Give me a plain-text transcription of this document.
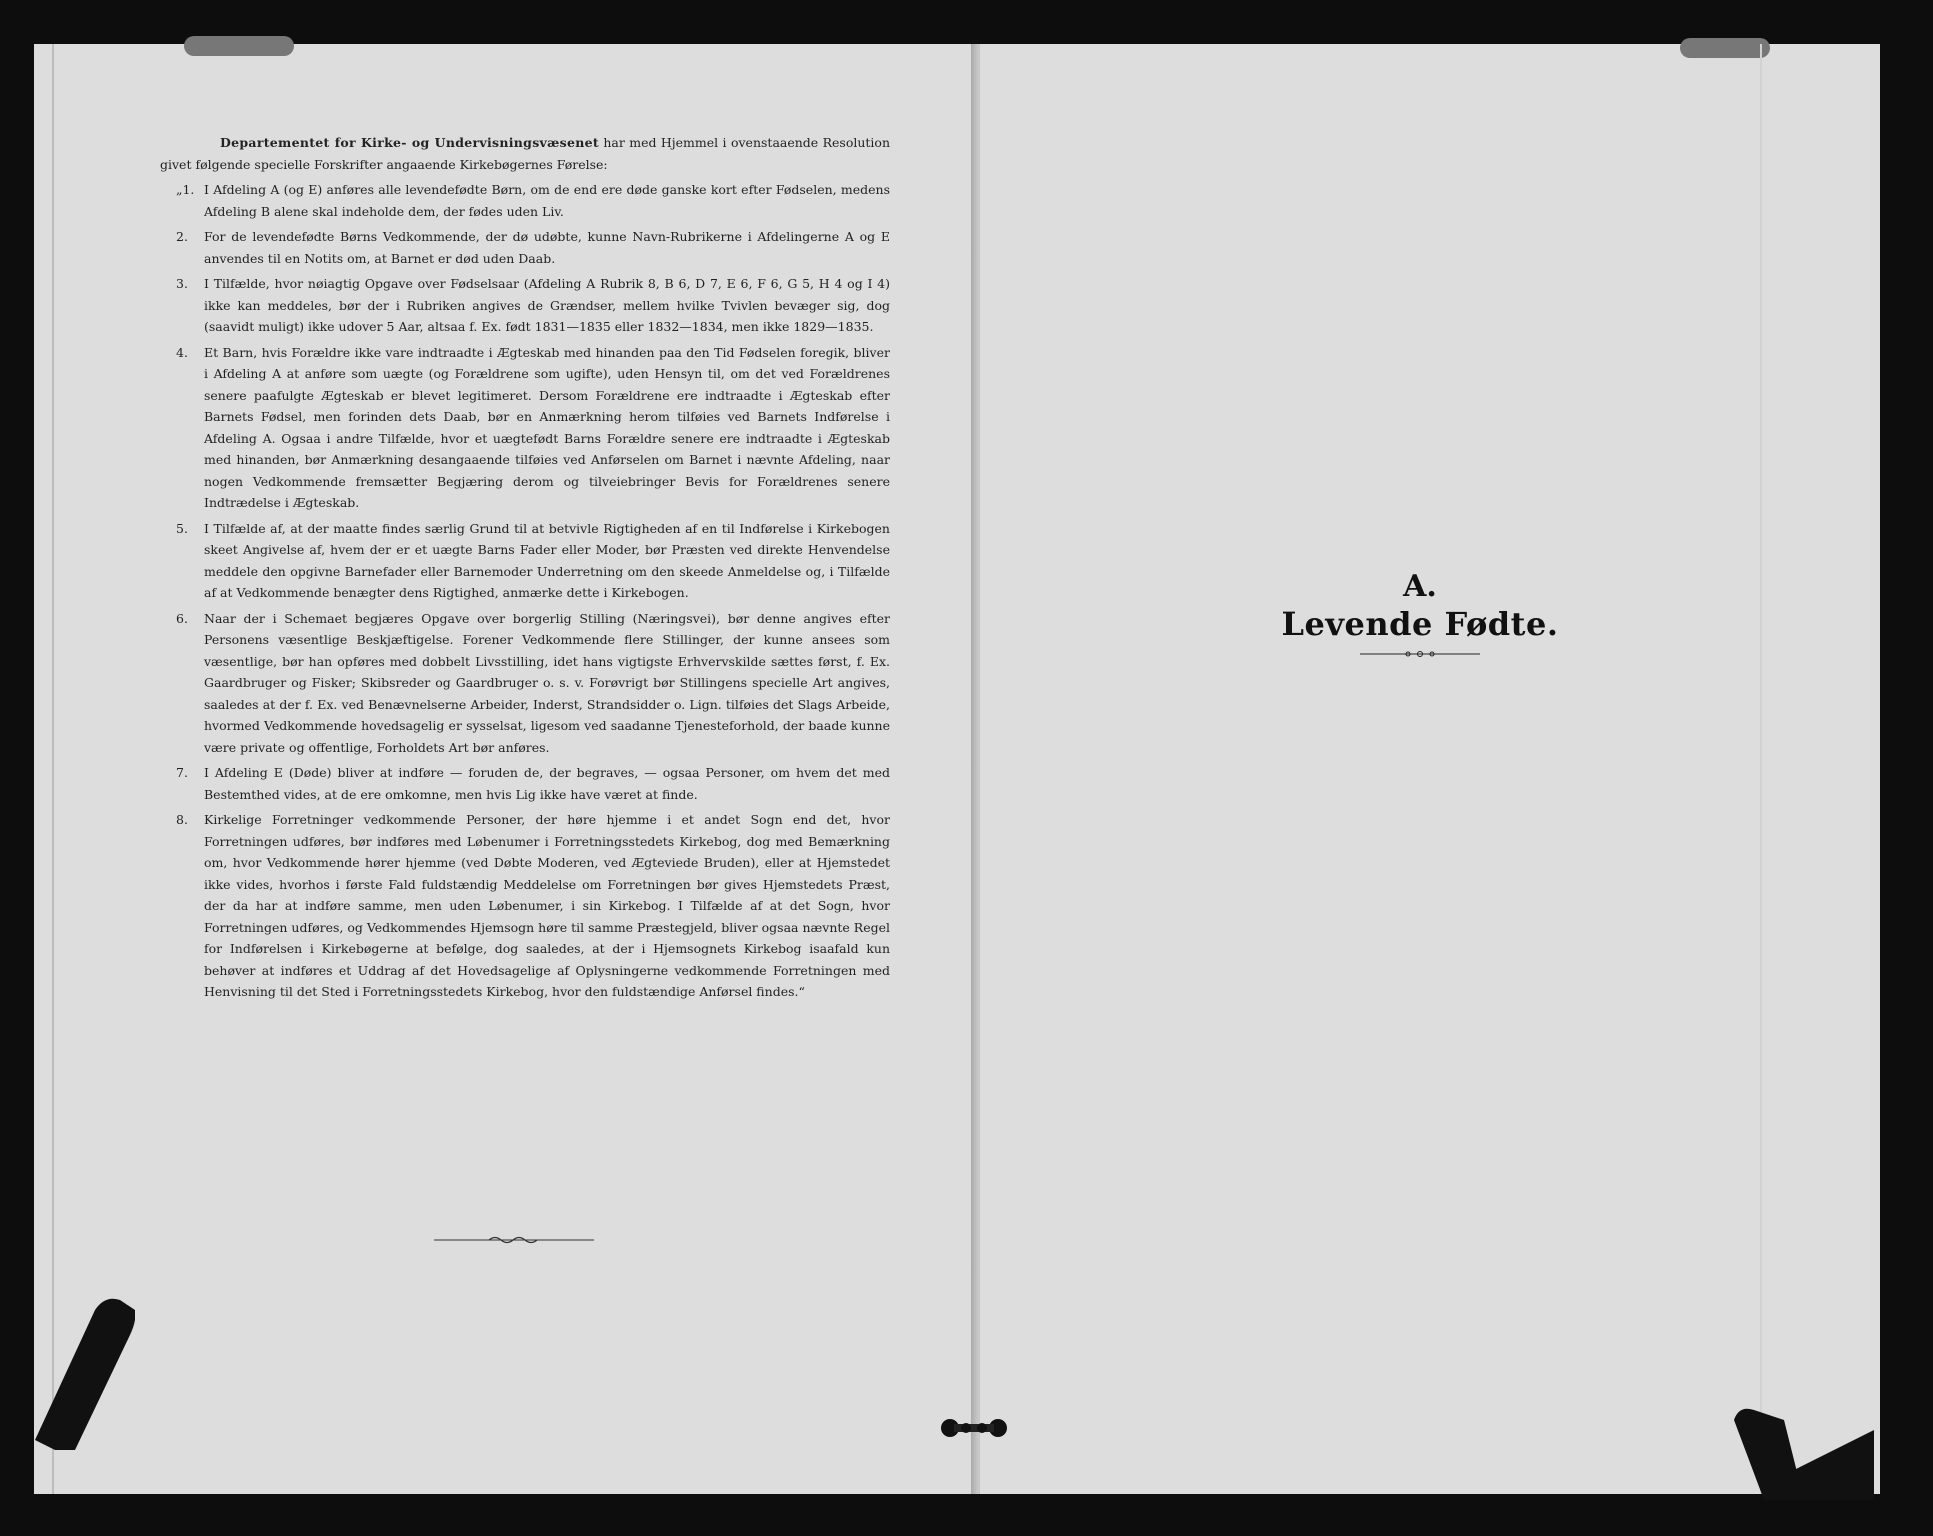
Departementet for Kirke- og Undervisningsvæsenet har med Hjemmel i ovenstaaende Resolution givet følgende specielle Forskrifter angaaende Kirkebøgernes Førelse:

„1. I Afdeling A (og E) anføres alle levendefødte Børn, om de end ere døde ganske kort efter Fødselen, medens Afdeling B alene skal indeholde dem, der fødes uden Liv.
2.	For de levendefødte Børns Vedkommende, der dø udøbte, kunne Navn-Rubrikerne i Afdelingerne A og E anvendes til en Notits om, at Barnet er død uden Daab.
3.	I Tilfælde, hvor nøiagtig Opgave over Fødselsaar (Afdeling A Rubrik 8, B 6, D 7, E 6, F 6, G 5, H 4 og I 4) ikke kan meddeles, bør der i Rubriken angives de Grændser, mellem hvilke Tvivlen bevæger sig, dog (saavidt muligt) ikke udover 5 Aar, altsaa f. Ex. født 1831—1835 eller 1832—1834, men ikke 1829—1835.
4.	Et Barn, hvis Forældre ikke vare indtraadte i Ægteskab med hinanden paa den Tid Fødselen foregik, bliver i Afdeling A at anføre som uægte (og Forældrene som ugifte), uden Hensyn til, om det ved Forældrenes senere paafulgte Ægteskab er blevet legitimeret. Dersom Forældrene ere indtraadte i Ægteskab efter Barnets Fødsel, men forinden dets Daab, bør en Anmærkning herom tilføies ved Barnets Indførelse i Afdeling A. Ogsaa i andre Tilfælde, hvor et uægtefødt Barns Forældre senere ere indtraadte i Ægteskab med hinanden, bør Anmærkning desangaaende tilføies ved Anførselen om Barnet i nævnte Afdeling, naar nogen Vedkommende fremsætter Begjæring derom og tilveiebringer Bevis for Forældrenes senere Indtrædelse i Ægteskab.
5.	I Tilfælde af, at der maatte findes særlig Grund til at betvivle Rigtigheden af en til Indførelse i Kirkebogen skeet Angivelse af, hvem der er et uægte Barns Fader eller Moder, bør Præsten ved direkte Henvendelse meddele den opgivne Barnefader eller Barnemoder Underretning om den skeede Anmeldelse og, i Tilfælde af at Vedkommende benægter dens Rigtighed, anmærke dette i Kirkebogen.
6.	Naar der i Schemaet begjæres Opgave over borgerlig Stilling (Næringsvei), bør denne angives efter Personens væsentlige Beskjæftigelse. Forener Vedkommende flere Stillinger, der kunne ansees som væsentlige, bør han opføres med dobbelt Livsstilling, idet hans vigtigste Erhvervskilde sættes først, f. Ex. Gaardbruger og Fisker; Skibsreder og Gaardbruger o. s. v. Forøvrigt bør Stillingens specielle Art angives, saaledes at der f. Ex. ved Benævnelserne Arbeider, Inderst, Strandsidder o. Lign. tilføies det Slags Arbeide, hvormed Vedkommende hovedsagelig er sysselsat, ligesom ved saadanne Tjenesteforhold, der baade kunne være private og offentlige, Forholdets Art bør anføres.
7.	I Afdeling E (Døde) bliver at indføre — foruden de, der begraves, — ogsaa Personer, om hvem det med Bestemthed vides, at de ere omkomne, men hvis Lig ikke have været at finde.
8.	Kirkelige Forretninger vedkommende Personer, der høre hjemme i et andet Sogn end det, hvor Forretningen udføres, bør indføres med Løbenumer i Forretningsstedets Kirkebog, dog med Bemærkning om, hvor Vedkommende hører hjemme (ved Døbte Moderen, ved Ægteviede Bruden), eller at Hjemstedet ikke vides, hvorhos i første Fald fuldstændig Meddelelse om Forretningen bør gives Hjemstedets Præst, der da har at indføre samme, men uden Løbenumer, i sin Kirkebog. I Tilfælde af at det Sogn, hvor Forretningen udføres, og Vedkommendes Hjemsogn høre til samme Præstegjeld, bliver ogsaa nævnte Regel for Indførelsen i Kirkebøgerne at befølge, dog saaledes, at der i Hjemsognets Kirkebog isaafald kun behøver at indføres et Uddrag af det Hovedsagelige af Oplysningerne vedkommende Forretningen med Henvisning til det Sted i Forretningsstedets Kirkebog, hvor den fuldstændige Anførsel findes.“
A.
Levende Fødte.
